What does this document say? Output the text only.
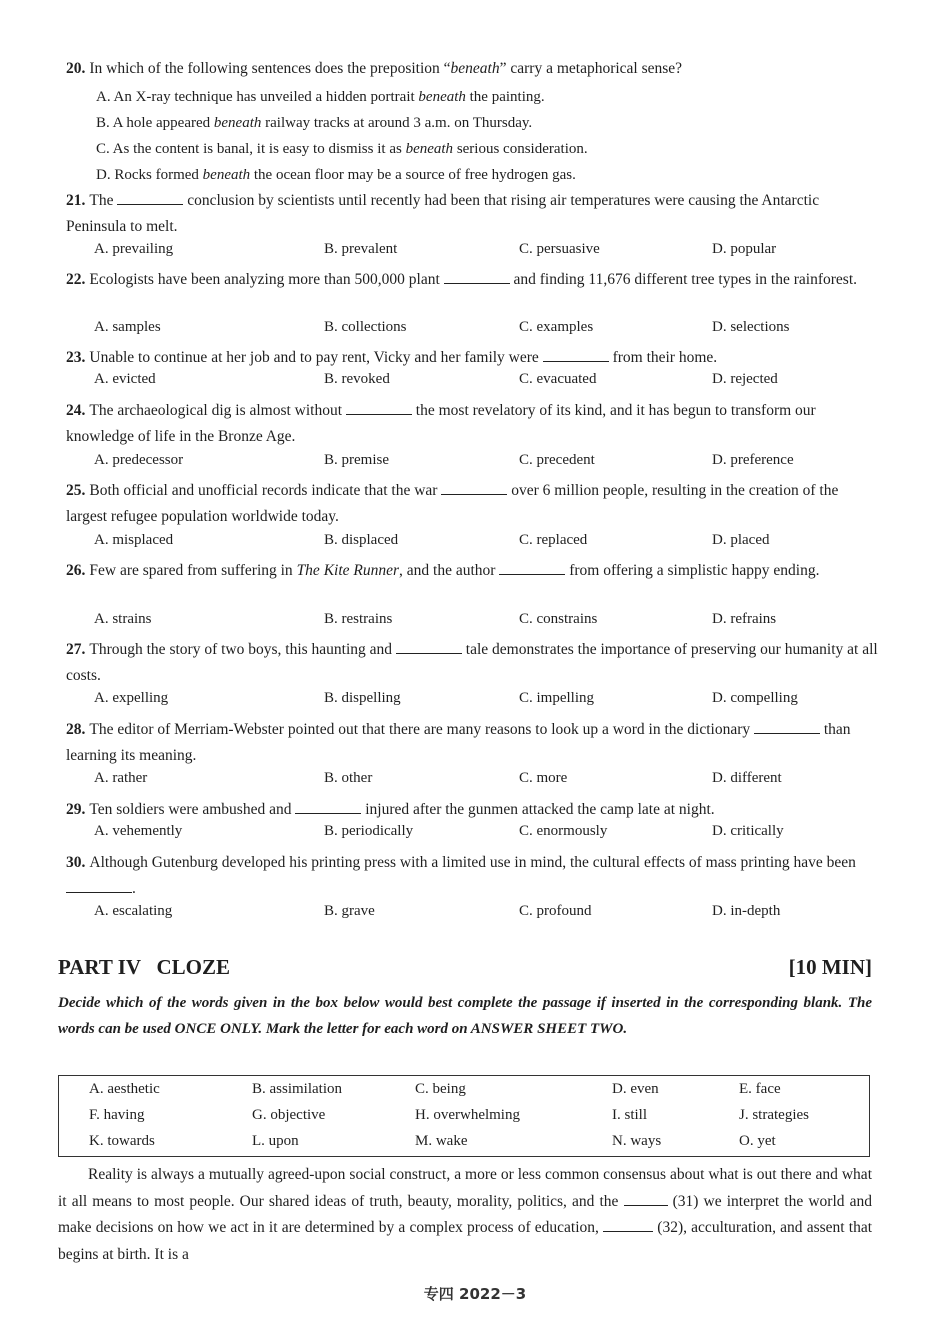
20. In which of the following sentences does the preposition “beneath” carry a metaphorical sense?
A. An X-ray technique has unveiled a hidden portrait beneath the painting.
B. A hole appeared beneath railway tracks at around 3 a.m. on Thursday.
C. As the content is banal, it is easy to dismiss it as beneath serious consideration.
D. Rocks formed beneath the ocean floor may be a source of free hydrogen gas.
21. The	conclusion by scientists until recently had been that rising air temperatures were causing the Antarctic Peninsula to melt.
A. prevailing	B. prevalent	C. persuasive	D. popular
22. Ecologists have been analyzing more than 500,000 plant	and finding 11,676 different tree types in the rainforest.
A. samples	B. collections	C. examples	D. selections
23. Unable to continue at her job and to pay rent, Vicky and her family were	from their home.
A. evicted	B. revoked	C. evacuated	D. rejected
24. The archaeological dig is almost without	the most revelatory of its kind, and it has begun to transform our knowledge of life in the Bronze Age.
A. predecessor	B. premise	C. precedent	D. preference
25. Both official and unofficial records indicate that the war	over 6 million people, resulting in the creation of the largest refugee population worldwide today.
A. misplaced	B. displaced	C. replaced	D. placed
26. Few are spared from suffering in The Kite Runner, and the author	from offering a simplistic happy ending.
A. strains	B. restrains	C. constrains	D. refrains
27. Through the story of two boys, this haunting and	tale demonstrates the importance of preserving our humanity at all costs.
A. expelling	B. dispelling	C. impelling	D. compelling
28. The editor of Merriam-Webster pointed out that there are many reasons to look up a word in the dictionary	than learning its meaning.
A. rather	B. other	C. more	D. different
29. Ten soldiers were ambushed and	injured after the gunmen attacked the camp late at night.
A. vehemently	B. periodically	C. enormously	D. critically
30. Although Gutenburg developed his printing press with a limited use in mind, the cultural effects of mass printing have been .
A. escalating	B. grave	C. profound	D. in-depth
PART IV   CLOZE	[10 MIN]
Decide which of the words given in the box below would best complete the passage if inserted in the corresponding blank. The words can be used ONCE ONLY. Mark the letter for each word on ANSWER SHEET TWO.
A. aesthetic	B. assimilation	C. being	D. even	E. face
F. having	G. objective	H. overwhelming	I. still	J. strategies
K. towards	L. upon	M. wake	N. ways	O. yet

Reality is always a mutually agreed-upon social construct, a more or less common consensus about what is out there and what it all means to most people. Our shared ideas of truth, beauty, morality, politics, and the	(31) we interpret the world and make decisions on how we act in it are determined by a complex process of education,	(32), acculturation, and assent that begins at birth. It is a

专四 2022－3
